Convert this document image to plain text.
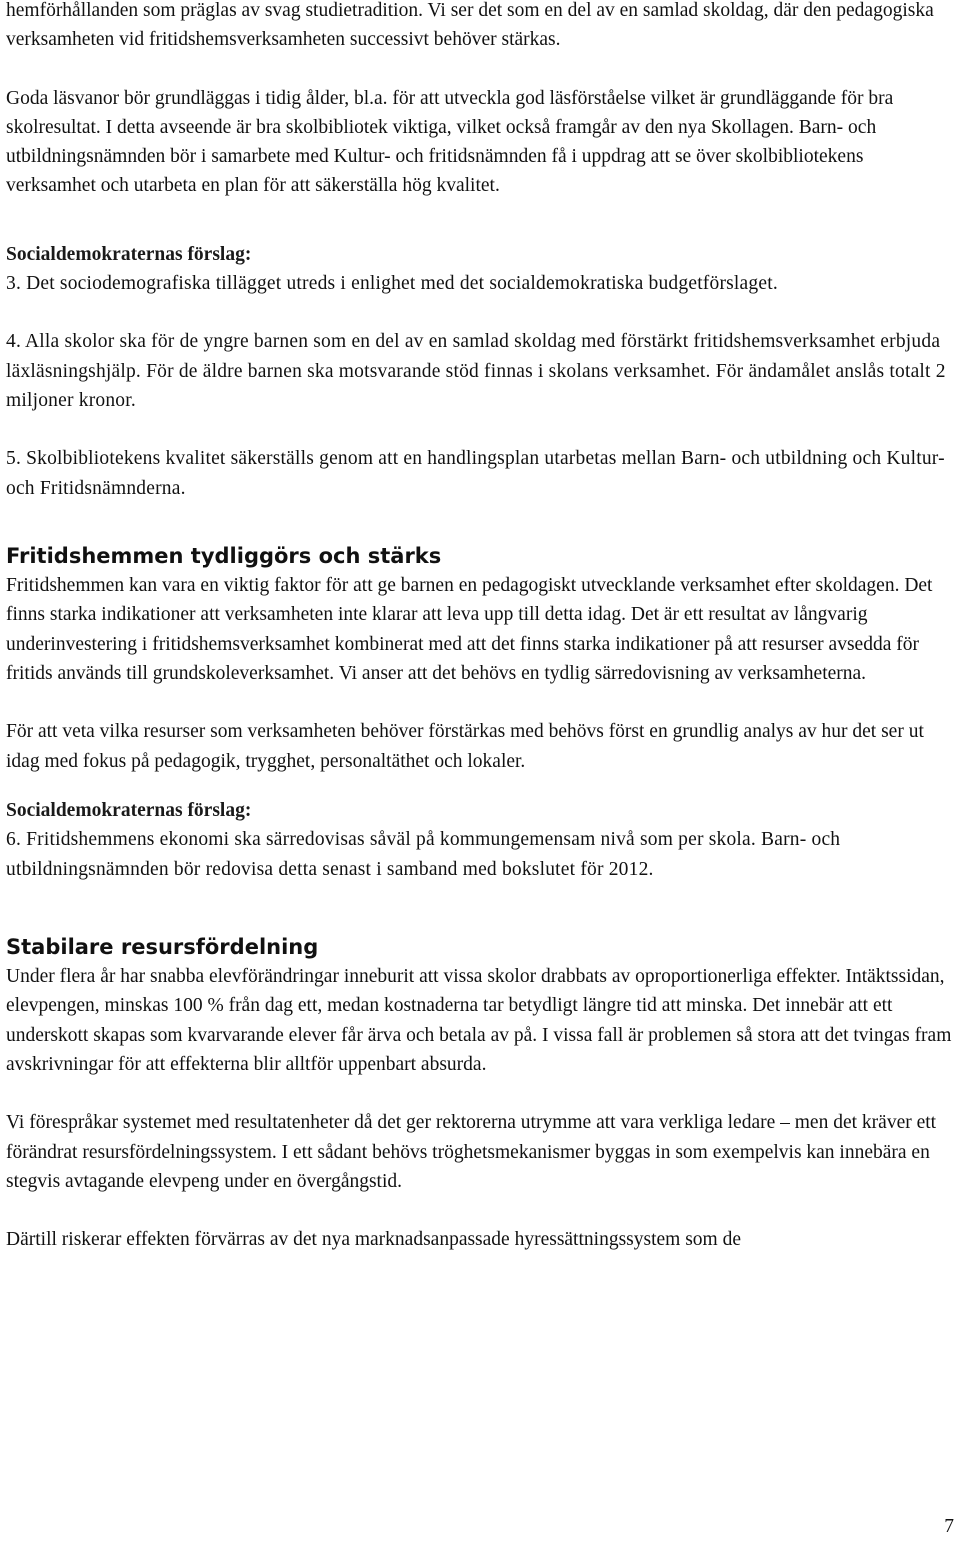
hemförhållanden som präglas av svag studietradition. Vi ser det som en del av en samlad skoldag, där den pedagogiska verksamheten vid fritidshemsverksamheten successivt behöver stärkas.

Goda läsvanor bör grundläggas i tidig ålder, bl.a. för att utveckla god läsförståelse vilket är grundläggande för bra skolresultat. I detta avseende är bra skolbibliotek viktiga, vilket också framgår av den nya Skollagen. Barn- och utbildningsnämnden bör i samarbete med Kultur- och fritidsnämnden få i uppdrag att se över skolbibliotekens verksamhet och utarbeta en plan för att säkerställa hög kvalitet.

Socialdemokraternas förslag:

3. Det sociodemografiska tillägget utreds i enlighet med det socialdemokratiska budgetförslaget.

4. Alla skolor ska för de yngre barnen som en del av en samlad skoldag med förstärkt fritidshemsverksamhet erbjuda läxläsningshjälp. För de äldre barnen ska motsvarande stöd finnas i skolans verksamhet. För ändamålet anslås totalt 2 miljoner kronor.

5. Skolbibliotekens kvalitet säkerställs genom att en handlingsplan utarbetas mellan Barn- och utbildning och Kultur- och Fritidsnämnderna.

Fritidshemmen tydliggörs och stärks

Fritidshemmen kan vara en viktig faktor för att ge barnen en pedagogiskt utvecklande verksamhet efter skoldagen. Det finns starka indikationer att verksamheten inte klarar att leva upp till detta idag. Det är ett resultat av långvarig underinvestering i fritidshemsverksamhet kombinerat med att det finns starka indikationer på att resurser avsedda för fritids används till grundskoleverksamhet. Vi anser att det behövs en tydlig särredovisning av verksamheterna.

För att veta vilka resurser som verksamheten behöver förstärkas med behövs först en grundlig analys av hur det ser ut idag med fokus på pedagogik, trygghet, personaltäthet och lokaler.

Socialdemokraternas förslag:

6. Fritidshemmens ekonomi ska särredovisas såväl på kommungemensam nivå som per skola. Barn- och utbildningsnämnden bör redovisa detta senast i samband med bokslutet för 2012.

Stabilare resursfördelning

Under flera år har snabba elevförändringar inneburit att vissa skolor drabbats av oproportionerliga effekter. Intäktssidan, elevpengen, minskas 100 % från dag ett, medan kostnaderna tar betydligt längre tid att minska. Det innebär att ett underskott skapas som kvarvarande elever får ärva och betala av på. I vissa fall är problemen så stora att det tvingas fram avskrivningar för att effekterna blir alltför uppenbart absurda.

Vi förespråkar systemet med resultatenheter då det ger rektorerna utrymme att vara verkliga ledare – men det kräver ett förändrat resursfördelningssystem. I ett sådant behövs tröghetsmekanismer byggas in som exempelvis kan innebära en stegvis avtagande elevpeng under en övergångstid.

Därtill riskerar effekten förvärras av det nya marknadsanpassade hyressättningssystem som de

7
